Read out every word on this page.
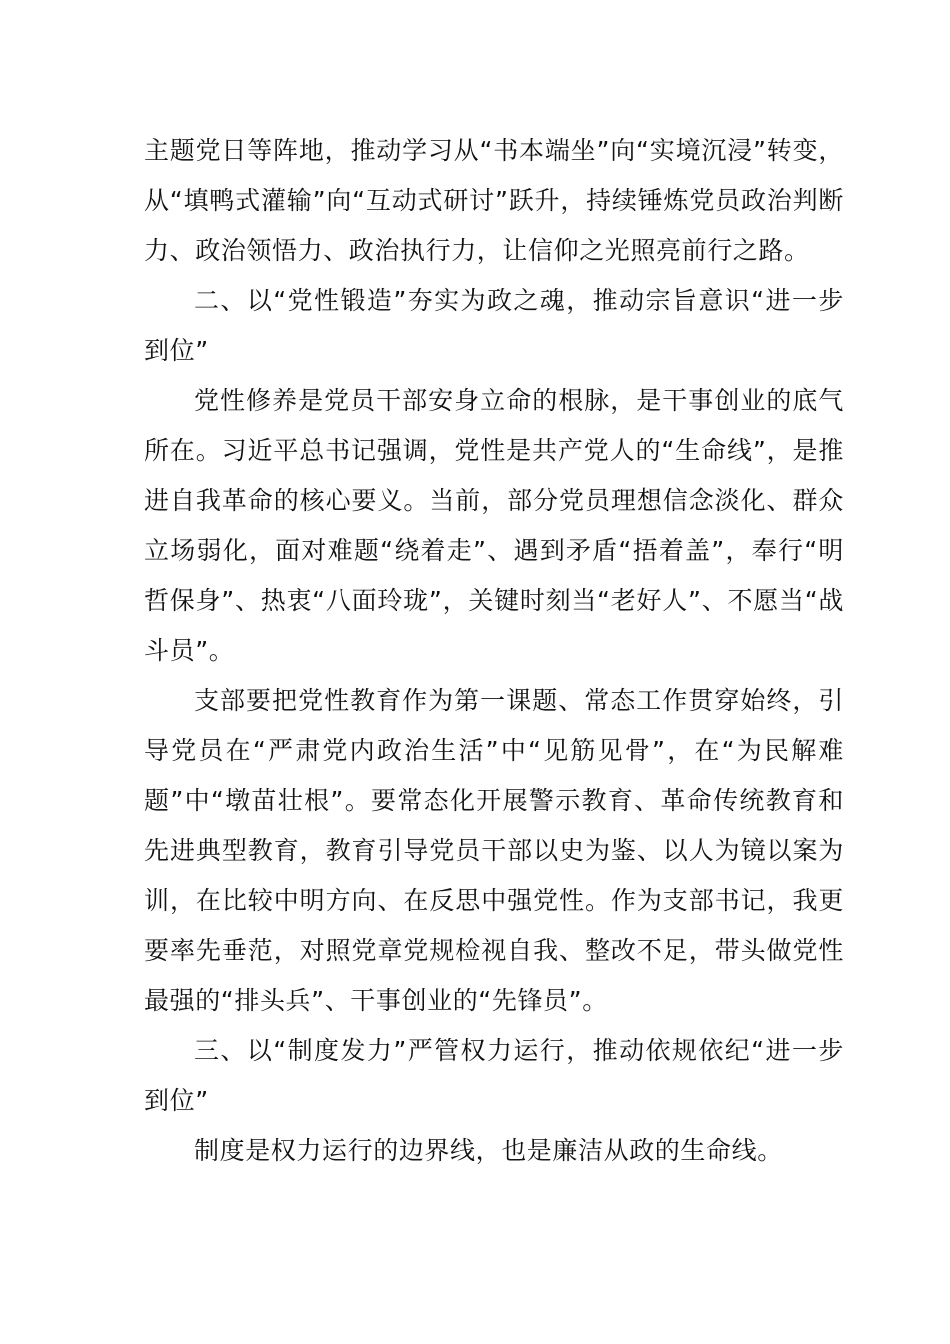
主题党日等阵地，推动学习从“书本端坐”向“实境沉浸”转变，从“填鸭式灌输”向“互动式研讨”跃升，持续锤炼党员政治判断力、政治领悟力、政治执行力，让信仰之光照亮前行之路。

二、以“党性锻造”夯实为政之魂，推动宗旨意识“进一步到位”

党性修养是党员干部安身立命的根脉，是干事创业的底气所在。习近平总书记强调，党性是共产党人的“生命线”，是推进自我革命的核心要义。当前，部分党员理想信念淡化、群众立场弱化，面对难题“绕着走”、遇到矛盾“捂着盖”，奉行“明哲保身”、热衷“八面玲珑”，关键时刻当“老好人”、不愿当“战斗员”。

支部要把党性教育作为第一课题、常态工作贯穿始终，引导党员在“严肃党内政治生活”中“见筋见骨”，在“为民解难题”中“墩苗壮根”。要常态化开展警示教育、革命传统教育和先进典型教育，教育引导党员干部以史为鉴、以人为镜以案为训，在比较中明方向、在反思中强党性。作为支部书记，我更要率先垂范，对照党章党规检视自我、整改不足，带头做党性最强的“排头兵”、干事创业的“先锋员”。

三、以“制度发力”严管权力运行，推动依规依纪“进一步到位”

制度是权力运行的边界线，也是廉洁从政的生命线。
